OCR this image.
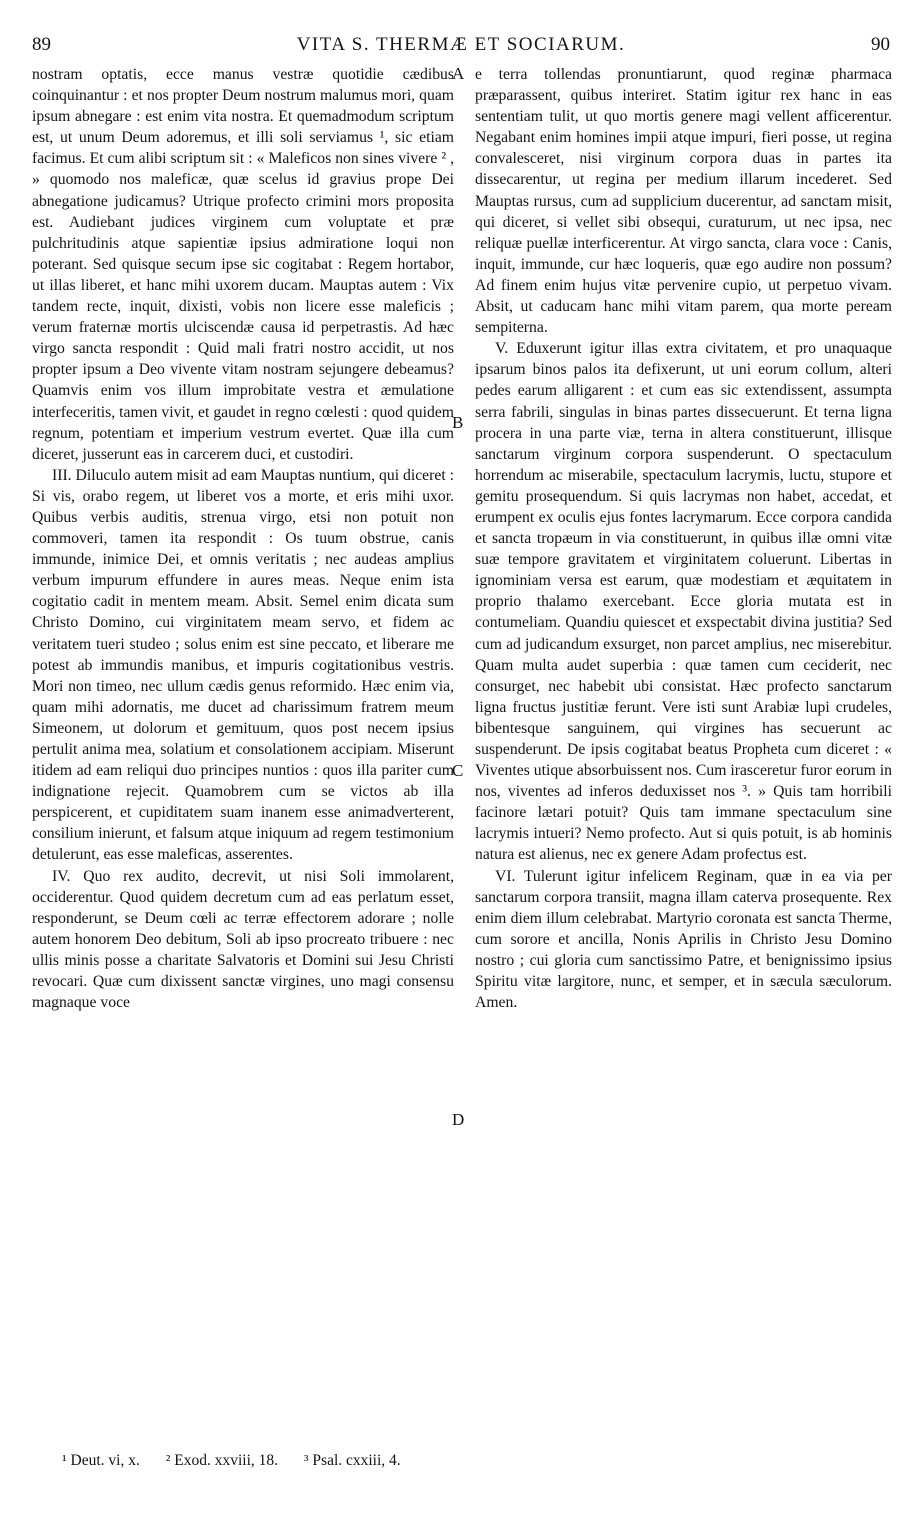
89	VITA S. THERMÆ ET SOCIARUM.	90

nostram optatis, ecce manus vestræ quotidie cædibus coinquinantur : et nos propter Deum nostrum malumus mori, quam ipsum abnegare : est enim vita nostra. Et quemadmodum scriptum est, ut unum Deum adoremus, et illi soli serviamus ¹, sic etiam facimus. Et cum alibi scriptum sit : « Maleficos non sines vivere ² , » quomodo nos maleficæ, quæ scelus id gravius prope Dei abnegatione judicamus? Utrique profecto crimini mors proposita est. Audiebant judices virginem cum voluptate et præ pulchritudinis atque sapientiæ ipsius admiratione loqui non poterant. Sed quisque secum ipse sic cogitabat : Regem hortabor, ut illas liberet, et hanc mihi uxorem ducam. Mauptas autem : Vix tandem recte, inquit, dixisti, vobis non licere esse maleficis ; verum fraternæ mortis ulciscendæ causa id perpetrastis. Ad hæc virgo sancta respondit : Quid mali fratri nostro accidit, ut nos propter ipsum a Deo vivente vitam nostram sejungere debeamus? Quamvis enim vos illum improbitate vestra et æmulatione interfeceritis, tamen vivit, et gaudet in regno cœlesti : quod quidem regnum, potentiam et imperium vestrum evertet. Quæ illa cum diceret, jusserunt eas in carcerem duci, et custodiri.

III. Diluculo autem misit ad eam Mauptas nuntium, qui diceret : Si vis, orabo regem, ut liberet vos a morte, et eris mihi uxor. Quibus verbis auditis, strenua virgo, etsi non potuit non commoveri, tamen ita respondit : Os tuum obstrue, canis immunde, inimice Dei, et omnis veritatis ; nec audeas amplius verbum impurum effundere in aures meas. Neque enim ista cogitatio cadit in mentem meam. Absit. Semel enim dicata sum Christo Domino, cui virginitatem meam servo, et fidem ac veritatem tueri studeo ; solus enim est sine peccato, et liberare me potest ab immundis manibus, et impuris cogitationibus vestris. Mori non timeo, nec ullum cædis genus reformido. Hæc enim via, quam mihi adornatis, me ducet ad charissimum fratrem meum Simeonem, ut dolorum et gemituum, quos post necem ipsius pertulit anima mea, solatium et consolationem accipiam. Miserunt itidem ad eam reliqui duo principes nuntios : quos illa pariter cum indignatione rejecit. Quamobrem cum se victos ab illa perspicerent, et cupiditatem suam inanem esse animadverterent, consilium inierunt, et falsum atque iniquum ad regem testimonium detulerunt, eas esse maleficas, asserentes.

IV. Quo rex audito, decrevit, ut nisi Soli immolarent, occiderentur. Quod quidem decretum cum ad eas perlatum esset, responderunt, se Deum cœli ac terræ effectorem adorare ; nolle autem honorem Deo debitum, Soli ab ipso procreato tribuere : nec ullis minis posse a charitate Salvatoris et Domini sui Jesu Christi revocari. Quæ cum dixissent sanctæ virgines, uno magi consensu magnaque voce

A
B
C
D

e terra tollendas pronuntiarunt, quod reginæ pharmaca præparassent, quibus interiret. Statim igitur rex hanc in eas sententiam tulit, ut quo mortis genere magi vellent afficerentur. Negabant enim homines impii atque impuri, fieri posse, ut regina convalesceret, nisi virginum corpora duas in partes ita dissecarentur, ut regina per medium illarum incederet. Sed Mauptas rursus, cum ad supplicium ducerentur, ad sanctam misit, qui diceret, si vellet sibi obsequi, curaturum, ut nec ipsa, nec reliquæ puellæ interficerentur. At virgo sancta, clara voce : Canis, inquit, immunde, cur hæc loqueris, quæ ego audire non possum? Ad finem enim hujus vitæ pervenire cupio, ut perpetuo vivam. Absit, ut caducam hanc mihi vitam parem, qua morte peream sempiterna.

V. Eduxerunt igitur illas extra civitatem, et pro unaquaque ipsarum binos palos ita defixerunt, ut uni eorum collum, alteri pedes earum alligarent : et cum eas sic extendissent, assumpta serra fabrili, singulas in binas partes dissecuerunt. Et terna ligna procera in una parte viæ, terna in altera constituerunt, illisque sanctarum virginum corpora suspenderunt. O spectaculum horrendum ac miserabile, spectaculum lacrymis, luctu, stupore et gemitu prosequendum. Si quis lacrymas non habet, accedat, et erumpent ex oculis ejus fontes lacrymarum. Ecce corpora candida et sancta tropæum in via constituerunt, in quibus illæ omni vitæ suæ tempore gravitatem et virginitatem coluerunt. Libertas in ignominiam versa est earum, quæ modestiam et æquitatem in proprio thalamo exercebant. Ecce gloria mutata est in contumeliam. Quandiu quiescet et exspectabit divina justitia? Sed cum ad judicandum exsurget, non parcet amplius, nec miserebitur. Quam multa audet superbia : quæ tamen cum ceciderit, nec consurget, nec habebit ubi consistat. Hæc profecto sanctarum ligna fructus justitiæ ferunt. Vere isti sunt Arabiæ lupi crudeles, bibentesque sanguinem, qui virgines has secuerunt ac suspenderunt. De ipsis cogitabat beatus Propheta cum diceret : « Viventes utique absorbuissent nos. Cum irasceretur furor eorum in nos, viventes ad inferos deduxisset nos ³. » Quis tam horribili facinore lætari potuit? Quis tam immane spectaculum sine lacrymis intueri? Nemo profecto. Aut si quis potuit, is ab hominis natura est alienus, nec ex genere Adam profectus est.

VI. Tulerunt igitur infelicem Reginam, quæ in ea via per sanctarum corpora transiit, magna illam caterva prosequente. Rex enim diem illum celebrabat. Martyrio coronata est sancta Therme, cum sorore et ancilla, Nonis Aprilis in Christo Jesu Domino nostro ; cui gloria cum sanctissimo Patre, et benignissimo ipsius Spiritu vitæ largitore, nunc, et semper, et in sæcula sæculorum. Amen.

¹ Deut. vi, x. ² Exod. xxviii, 18. ³ Psal. cxxiii, 4.
